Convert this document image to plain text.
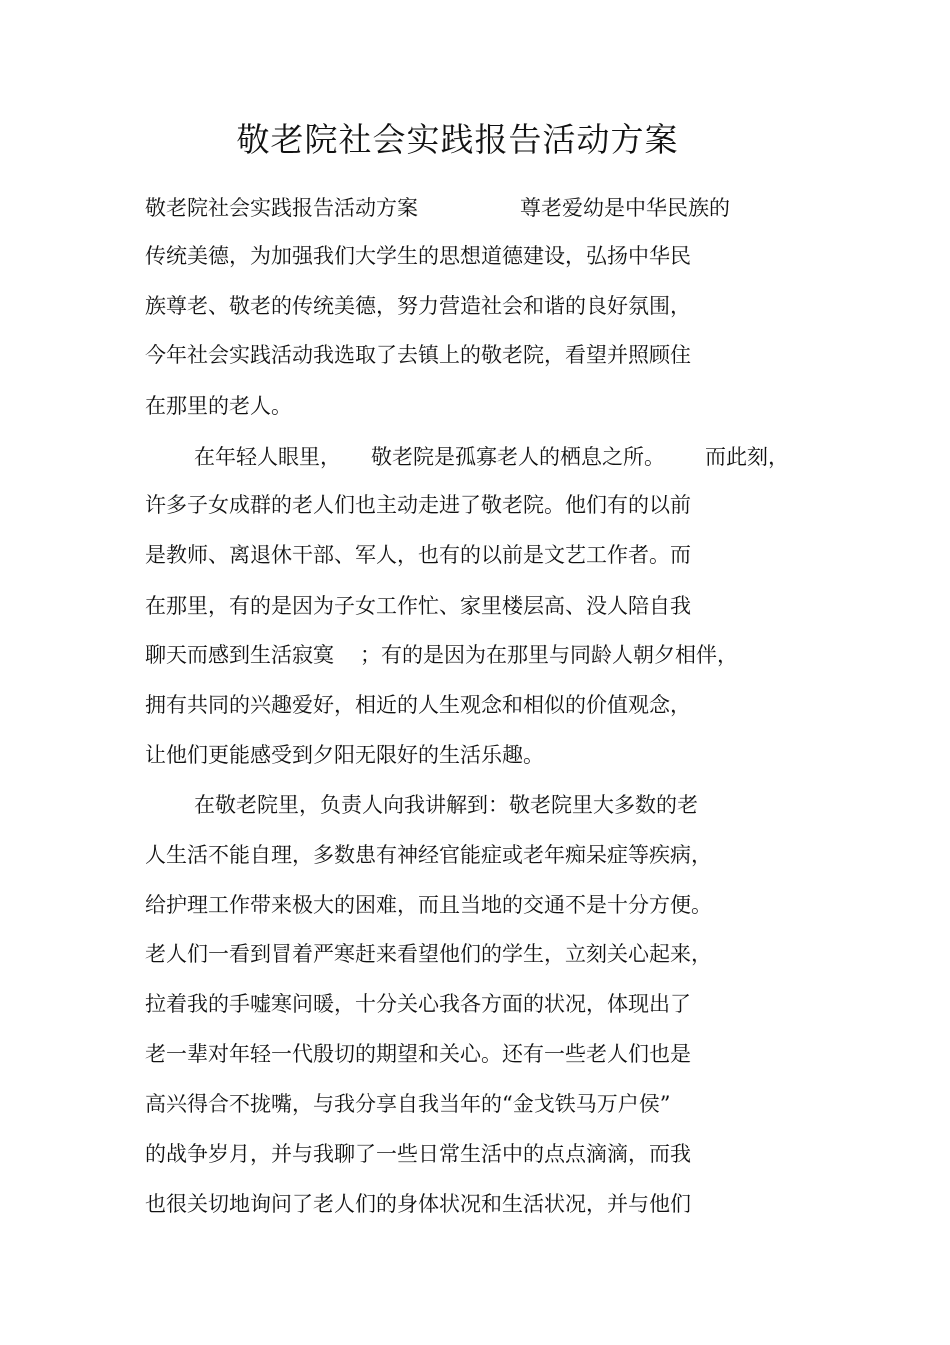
敬老院社会实践报告活动方案
敬老院社会实践报告活动方案	尊老爱幼是中华民族的
传统美德，为加强我们大学生的思想道德建设，弘扬中华民
族尊老、敬老的传统美德，努力营造社会和谐的良好氛围，
今年社会实践活动我选取了去镇上的敬老院，看望并照顾住
在那里的老人。
在年轻人眼里， 敬老院是孤寡老人的栖息之所。 而此刻，
许多子女成群的老人们也主动走进了敬老院。他们有的以前
是教师、离退休干部、军人，也有的以前是文艺工作者。而
在那里，有的是因为子女工作忙、家里楼层高、没人陪自我
聊天而感到生活寂寞 ；有的是因为在那里与同龄人朝夕相伴，
拥有共同的兴趣爱好，相近的人生观念和相似的价值观念，
让他们更能感受到夕阳无限好的生活乐趣。
在敬老院里，负责人向我讲解到：敬老院里大多数的老
人生活不能自理，多数患有神经官能症或老年痴呆症等疾病，
给护理工作带来极大的困难，而且当地的交通不是十分方便。
老人们一看到冒着严寒赶来看望他们的学生，立刻关心起来，
拉着我的手嘘寒问暖，十分关心我各方面的状况，体现出了
老一辈对年轻一代殷切的期望和关心。还有一些老人们也是
高兴得合不拢嘴，与我分享自我当年的“金戈铁马万户侯”
的战争岁月，并与我聊了一些日常生活中的点点滴滴，而我
也很关切地询问了老人们的身体状况和生活状况，并与他们
